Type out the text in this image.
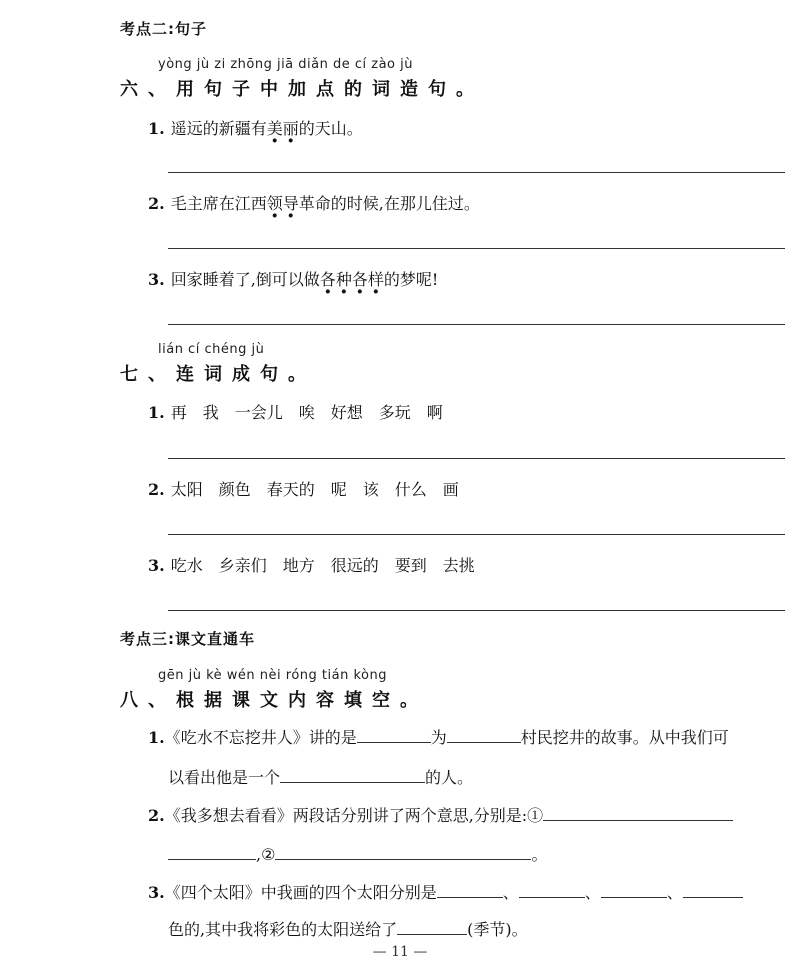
考点二:句子
yòng jù zi zhōng jiā diǎn de cí zào jù
六、用句子中加点的词造句。
1. 遥远的新疆有美丽的天山。
2. 毛主席在江西领导革命的时候,在那儿住过。
3. 回家睡着了,倒可以做各种各样的梦呢!
lián cí chéng jù
七、连词成句。
1. 再 我 一会儿 唉 好想 多玩 啊
2. 太阳 颜色 春天的 呢 该 什么 画
3. 吃水 乡亲们 地方 很远的 要到 去挑
考点三:课文直通车
gēn jù kè wén nèi róng tián kòng
八、根据课文内容填空。
1.《吃水不忘挖井人》讲的是	为	村民挖井的故事。从中我们可
以看出他是一个	的人。
2.《我多想去看看》两段话分别讲了两个意思,分别是:①
,②	。
3.《四个太阳》中我画的四个太阳分别是	、	、	、
色的,其中我将彩色的太阳送给了	(季节)。
— 11 —
